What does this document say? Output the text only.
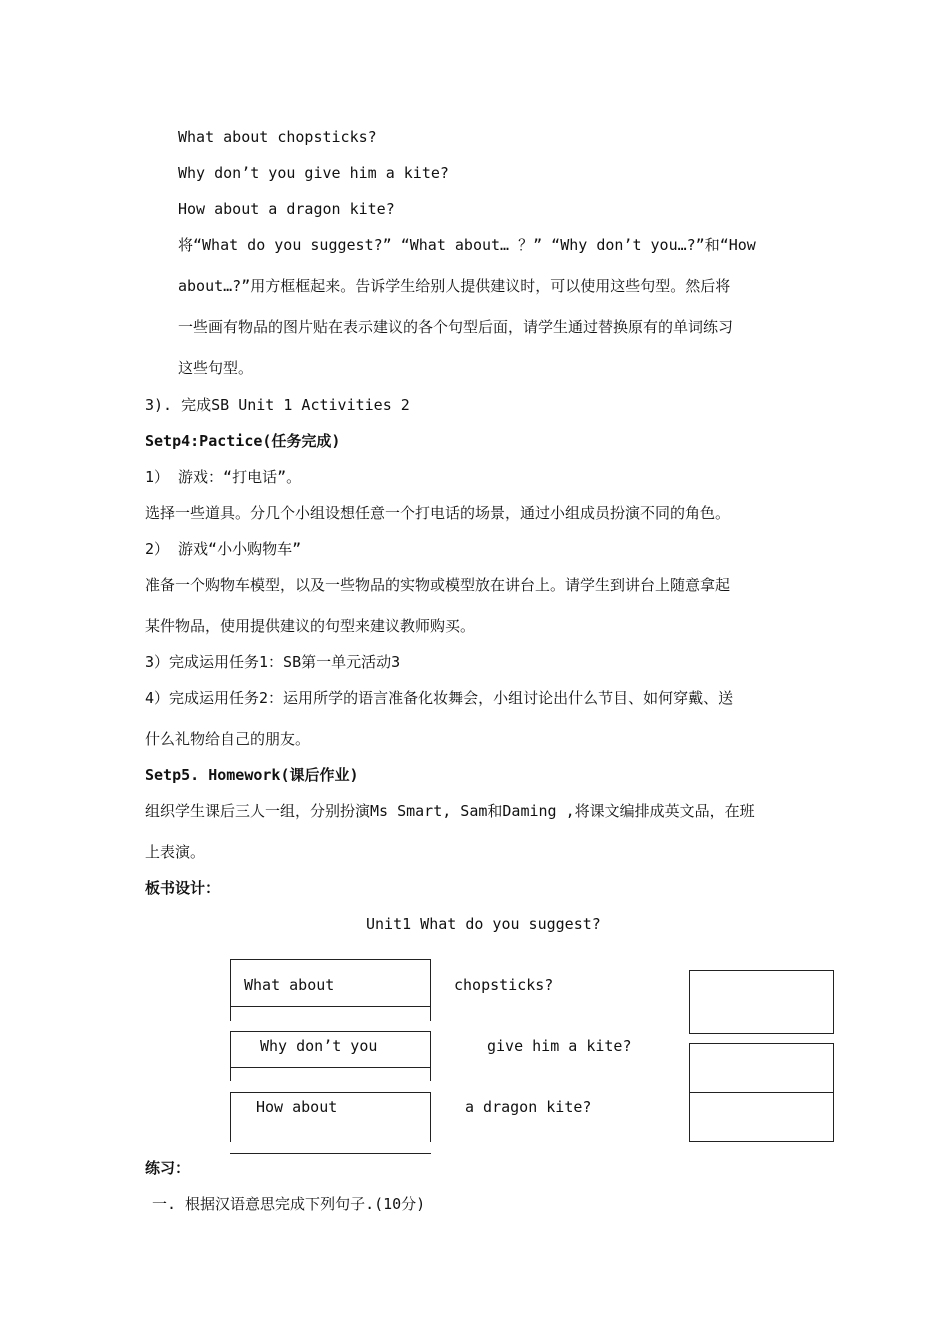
What about chopsticks?
Why don’t you give him a kite?
How about a dragon kite?
将“What do you suggest?” “What about… ？” “Why don’t you…?”和“How
about…?”用方框框起来。告诉学生给别人提供建议时，可以使用这些句型。然后将
一些画有物品的图片贴在表示建议的各个句型后面，请学生通过替换原有的单词练习
这些句型。
3). 完成SB Unit 1 Activities 2
Setp4:Pactice(任务完成)
1） 游戏：“打电话”。
选择一些道具。分几个小组设想任意一个打电话的场景，通过小组成员扮演不同的角色。
2） 游戏“小小购物车”
准备一个购物车模型，以及一些物品的实物或模型放在讲台上。请学生到讲台上随意拿起
某件物品，使用提供建议的句型来建议教师购买。
3）完成运用任务1：SB第一单元活动3
4）完成运用任务2：运用所学的语言准备化妆舞会，小组讨论出什么节目、如何穿戴、送
什么礼物给自己的朋友。
Setp5. Homework(课后作业)
组织学生课后三人一组，分别扮演Ms Smart, Sam和Daming ,将课文编排成英文品，在班
上表演。
板书设计：
Unit1 What do you suggest?
What about
Why don’t you
How about
chopsticks?
give him a kite?
a dragon kite?
练习：
一. 根据汉语意思完成下列句子.(10分)
